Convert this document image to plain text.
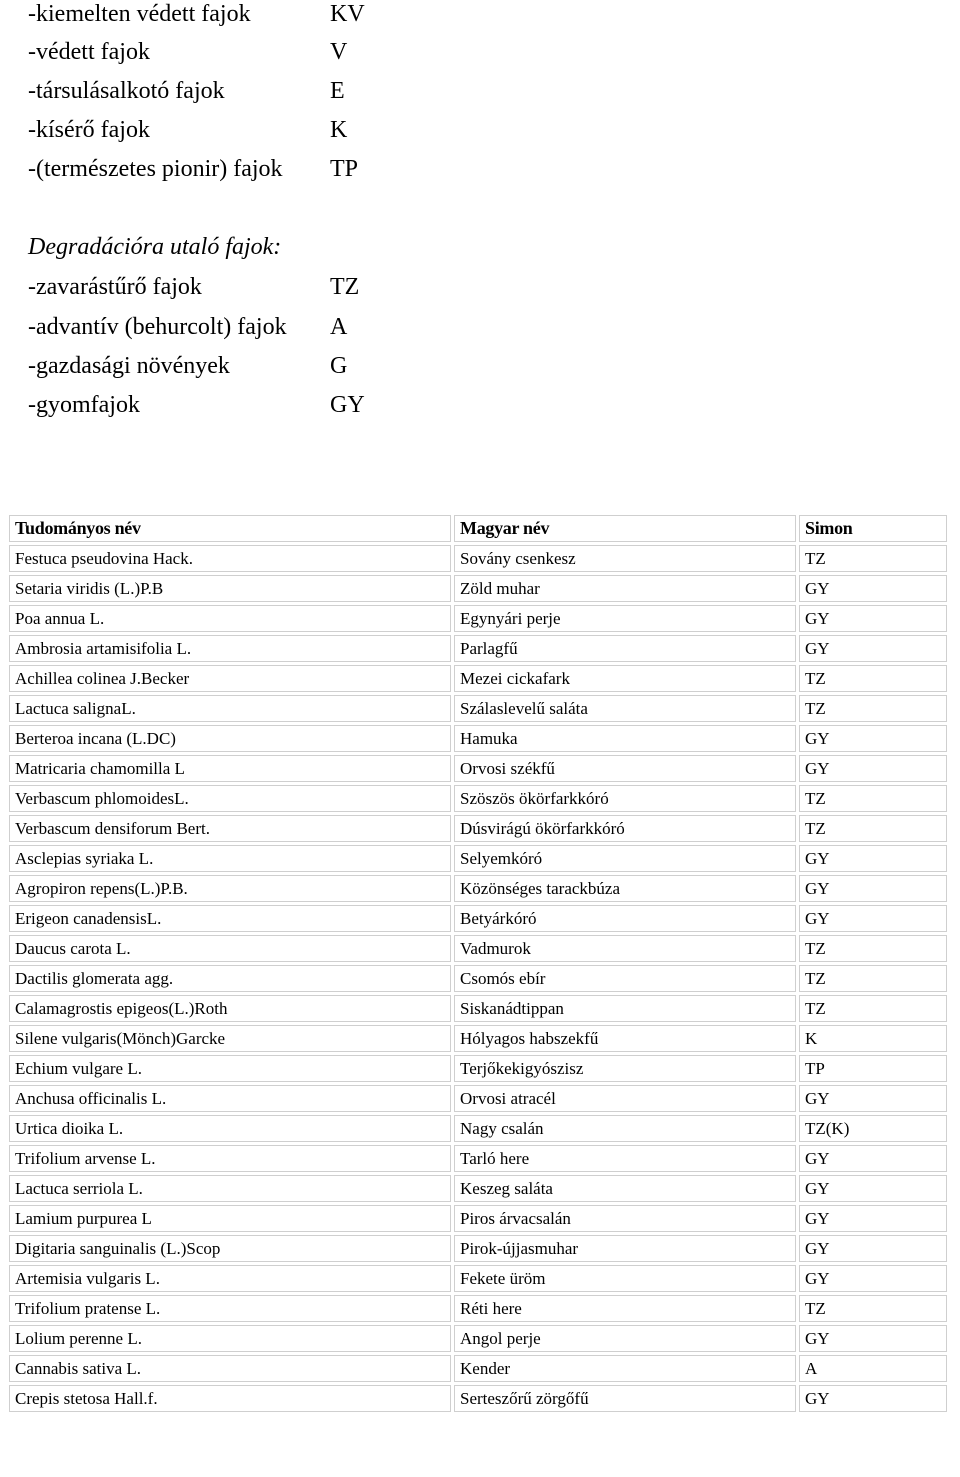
-kiemelten védett fajok	KV
-védett fajok	V
-társulásalkotó fajok	E
-kísérő fajok	K
-(természetes pionir) fajok TP
Degradációra utaló fajok:
-zavarástűrő fajok	TZ
-advantív (behurcolt) fajok A
-gazdasági növények	G
-gyomfajok	GY
Tudományos név	Magyar név	Simon
Festuca pseudovina Hack.	Sovány csenkesz	TZ
Setaria viridis (L.)P.B	Zöld muhar	GY
Poa annua L.	Egynyári perje	GY
Ambrosia artamisifolia L.	Parlagfű	GY
Achillea colinea J.Becker	Mezei cickafark	TZ
Lactuca salignaL.	Szálaslevelű saláta	TZ
Berteroa incana (L.DC)	Hamuka	GY
Matricaria chamomilla L	Orvosi székfű	GY
Verbascum phlomoidesL.	Szöszös ökörfarkkóró	TZ
Verbascum densiforum Bert.	Dúsvirágú ökörfarkkóró	TZ
Asclepias syriaka L.	Selyemkóró	GY
Agropiron repens(L.)P.B.	Közönséges tarackbúza	GY
Erigeon canadensisL.	Betyárkóró	GY
Daucus carota L.	Vadmurok	TZ
Dactilis glomerata agg.	Csomós ebír	TZ
Calamagrostis epigeos(L.)Roth	Siskanádtippan	TZ
Silene vulgaris(Mönch)Garcke	Hólyagos habszekfű	K
Echium vulgare L.	Terjőkekigyószisz	TP
Anchusa officinalis L.	Orvosi atracél	GY
Urtica dioika L.	Nagy csalán	TZ(K)
Trifolium arvense L.	Tarló here	GY
Lactuca serriola L.	Keszeg saláta	GY
Lamium purpurea L	Piros árvacsalán	GY
Digitaria sanguinalis (L.)Scop	Pirok-újjasmuhar	GY
Artemisia vulgaris L.	Fekete üröm	GY
Trifolium pratense L.	Réti here	TZ
Lolium perenne L.	Angol perje	GY
Cannabis sativa L.	Kender	A
Crepis stetosa Hall.f.	Serteszőrű zörgőfű	GY
